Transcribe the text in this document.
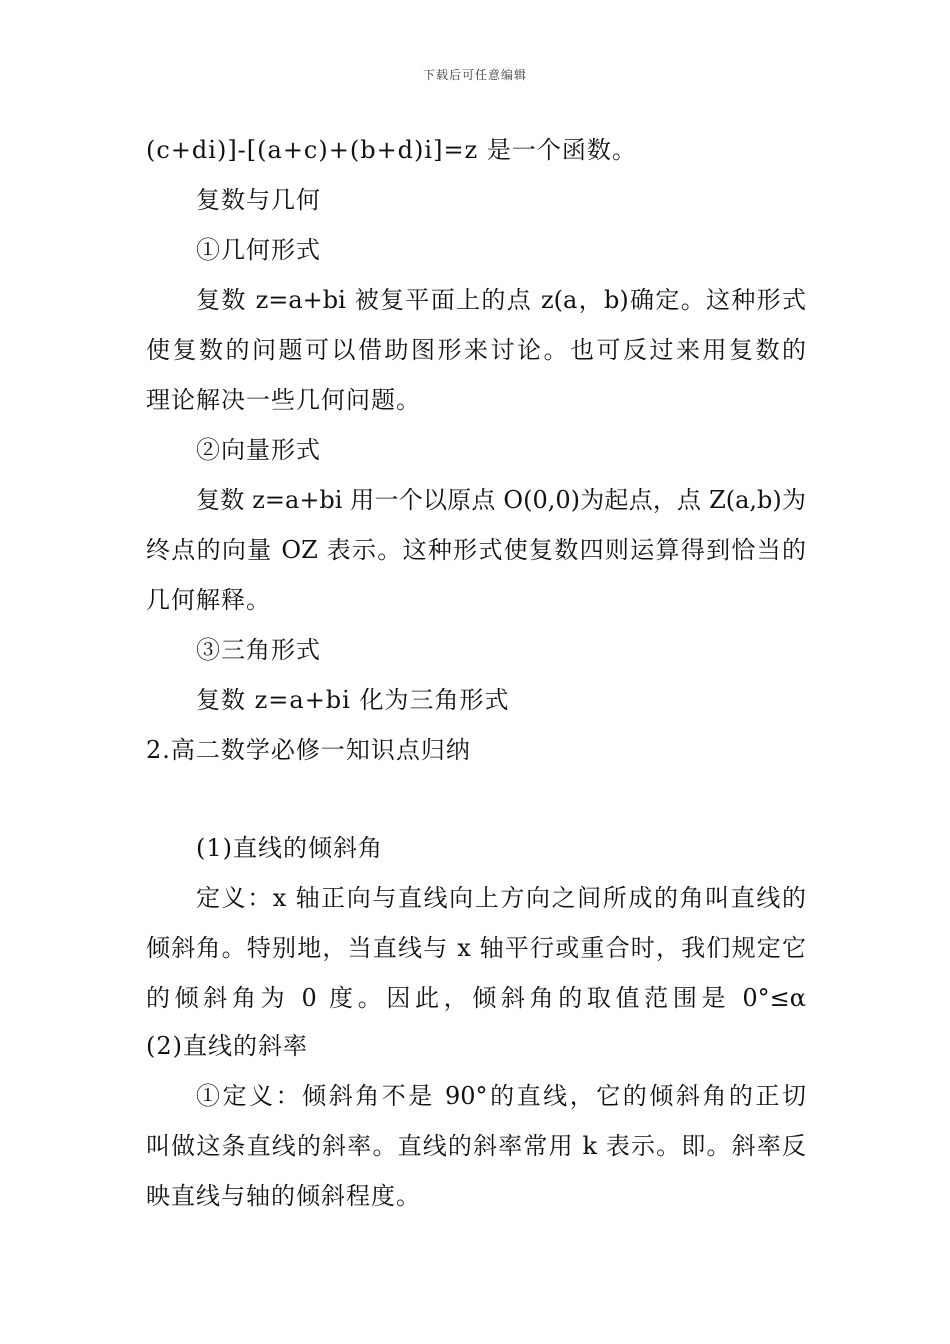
下载后可任意编辑
(c+di)]-[(a+c)+(b+d)i]=z 是一个函数。
复数与几何
①几何形式
复数 z=a+bi 被复平面上的点 z(a，b)确定。这种形式
使复数的问题可以借助图形来讨论。也可反过来用复数的
理论解决一些几何问题。
②向量形式
复数 z=a+bi 用一个以原点 O(0,0)为起点，点 Z(a,b)为
终点的向量 OZ 表示。这种形式使复数四则运算得到恰当的
几何解释。
③三角形式
复数 z=a+bi 化为三角形式
2.高二数学必修一知识点归纳
(1)直线的倾斜角
定义：x 轴正向与直线向上方向之间所成的角叫直线的
倾斜角。特别地，当直线与 x 轴平行或重合时，我们规定它
的倾斜角为 0 度。因此，倾斜角的取值范围是 0°≤α
(2)直线的斜率
①定义：倾斜角不是 90°的直线，它的倾斜角的正切
叫做这条直线的斜率。直线的斜率常用 k 表示。即。斜率反
映直线与轴的倾斜程度。
